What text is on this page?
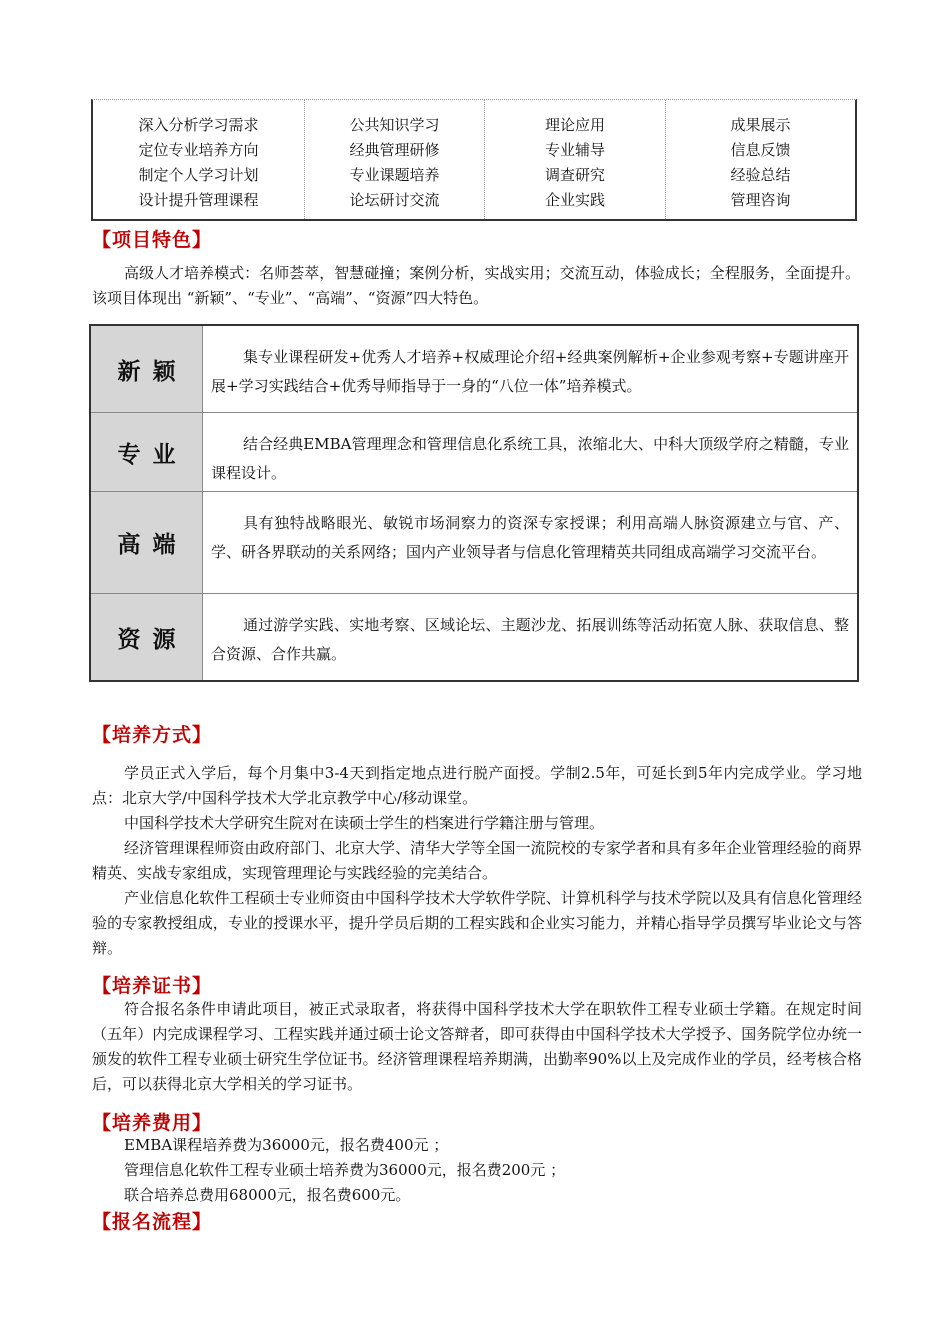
深入分析学习需求
定位专业培养方向
制定个人学习计划
设计提升管理课程
公共知识学习
经典管理研修
专业课题培养
论坛研讨交流
理论应用
专业辅导
调查研究
企业实践
成果展示
信息反馈
经验总结
管理咨询
【项目特色】

高级人才培养模式：名师荟萃，智慧碰撞；案例分析，实战实用；交流互动，体验成长；全程服务，全面提升。该项目体现出 “新颖”、“专业”、“高端”、“资源”四大特色。

新颖
集专业课程研发+优秀人才培养+权威理论介绍+经典案例解析+企业参观考察+专题讲座开展+学习实践结合+优秀导师指导于一身的“八位一体”培养模式。
专业	结合经典EMBA管理理念和管理信息化系统工具，浓缩北大、中科大顶级学府之精髓，专业课程设计。
高端
具有独特战略眼光、敏锐市场洞察力的资深专家授课；利用高端人脉资源建立与官、产、学、研各界联动的关系网络；国内产业领导者与信息化管理精英共同组成高端学习交流平台。
资源
通过游学实践、实地考察、区域论坛、主题沙龙、拓展训练等活动拓宽人脉、获取信息、整合资源、合作共赢。
【培养方式】

学员正式入学后，每个月集中3-4天到指定地点进行脱产面授。学制2.5年，可延长到5年内完成学业。学习地点：北京大学/中国科学技术大学北京教学中心/移动课堂。

中国科学技术大学研究生院对在读硕士学生的档案进行学籍注册与管理。

经济管理课程师资由政府部门、北京大学、清华大学等全国一流院校的专家学者和具有多年企业管理经验的商界精英、实战专家组成，实现管理理论与实践经验的完美结合。

产业信息化软件工程硕士专业师资由中国科学技术大学软件学院、计算机科学与技术学院以及具有信息化管理经验的专家教授组成，专业的授课水平，提升学员后期的工程实践和企业实习能力，并精心指导学员撰写毕业论文与答辩。

【培养证书】

符合报名条件申请此项目，被正式录取者，将获得中国科学技术大学在职软件工程专业硕士学籍。在规定时间（五年）内完成课程学习、工程实践并通过硕士论文答辩者，即可获得由中国科学技术大学授予、国务院学位办统一颁发的软件工程专业硕士研究生学位证书。经济管理课程培养期满，出勤率90%以上及完成作业的学员，经考核合格后，可以获得北京大学相关的学习证书。

【培养费用】
EMBA课程培养费为36000元，报名费400元 ；
管理信息化软件工程专业硕士培养费为36000元，报名费200元 ；
联合培养总费用68000元，报名费600元。
【报名流程】
